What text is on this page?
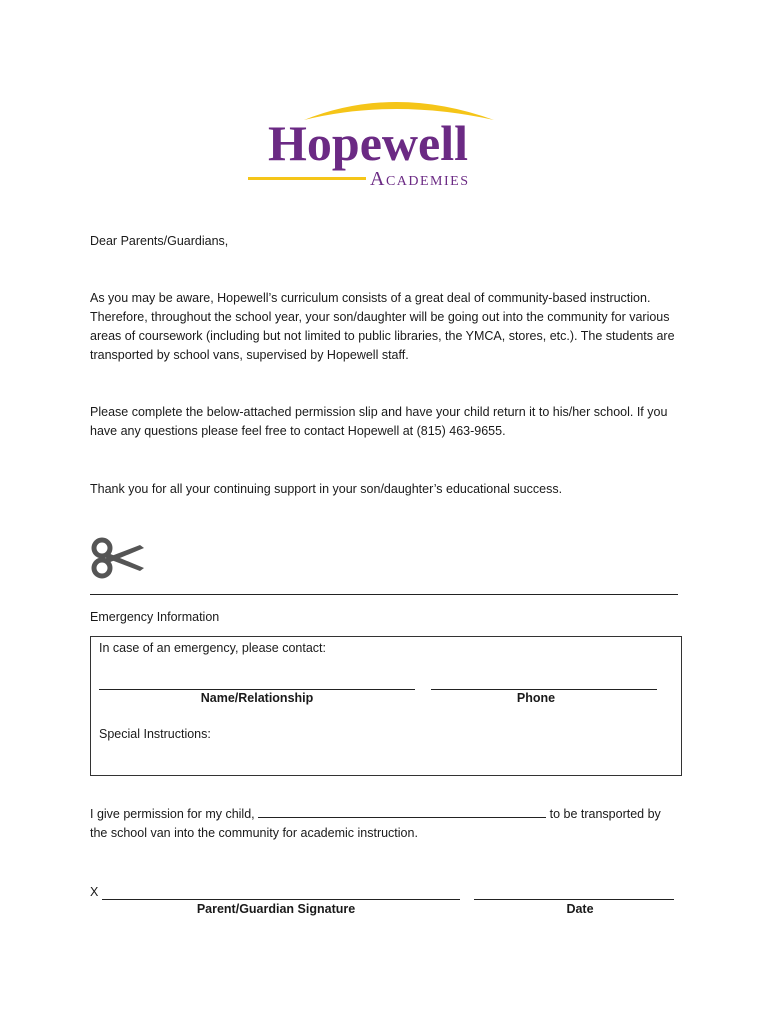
Hopewell
Academies

Dear Parents/Guardians,

As you may be aware, Hopewell’s curriculum consists of a great deal of community-based instruction. Therefore, throughout the school year, your son/daughter will be going out into the community for various areas of coursework (including but not limited to public libraries, the YMCA, stores, etc.). The students are transported by school vans, supervised by Hopewell staff.

Please complete the below-attached permission slip and have your child return it to his/her school. If you have any questions please feel free to contact Hopewell at (815) 463-9655.

Thank you for all your continuing support in your son/daughter’s educational success.

Emergency Information

In case of an emergency, please contact:

Name/Relationship	Phone

Special Instructions:

I give permission for my child,	to be transported by

the school van into the community for academic instruction.

X

Parent/Guardian Signature	Date
